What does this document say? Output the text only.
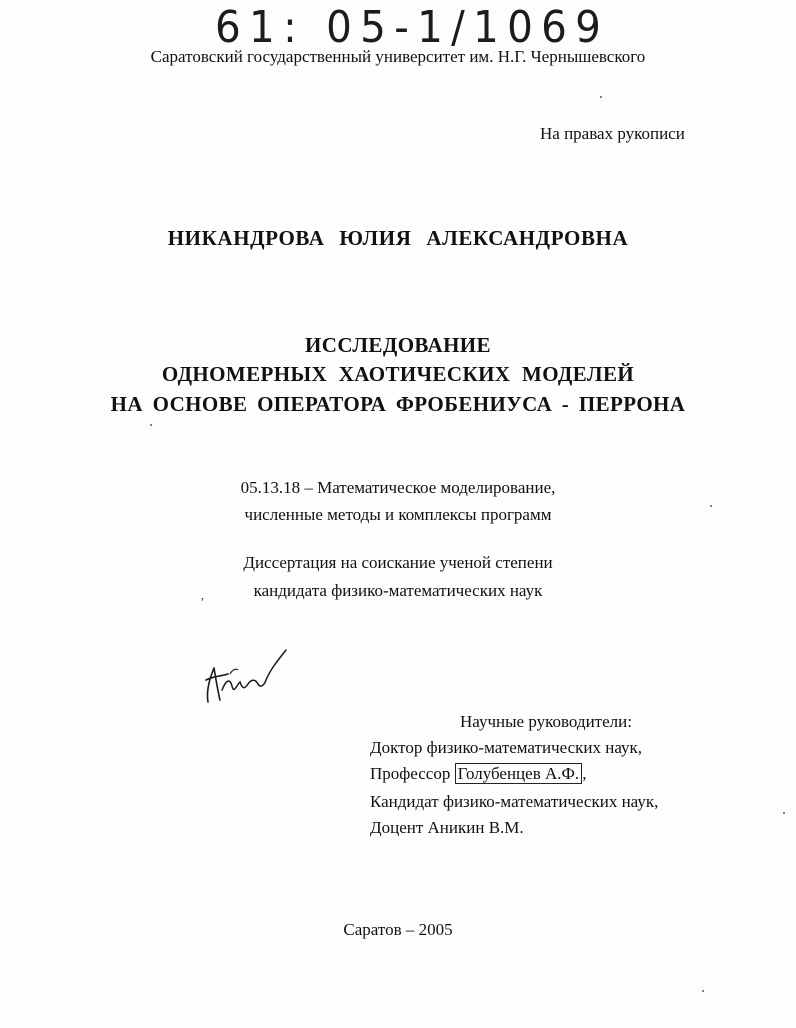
61: 05-1/1069
Саратовский государственный университет им. Н.Г. Чернышевского
На правах рукописи
НИКАНДРОВА ЮЛИЯ АЛЕКСАНДРОВНА
ИССЛЕДОВАНИЕ
ОДНОМЕРНЫХ ХАОТИЧЕСКИХ МОДЕЛЕЙ
НА ОСНОВЕ ОПЕРАТОРА ФРОБЕНИУСА - ПЕРРОНА
05.13.18 – Математическое моделирование,
численные методы и комплексы программ
Диссертация на соискание ученой степени
кандидата физико-математических наук
Научные руководители:
Доктор физико-математических наук,
Профессор Голубенцев А.Ф. ,
Кандидат физико-математических наук,
Доцент Аникин В.М.
Саратов – 2005
,
